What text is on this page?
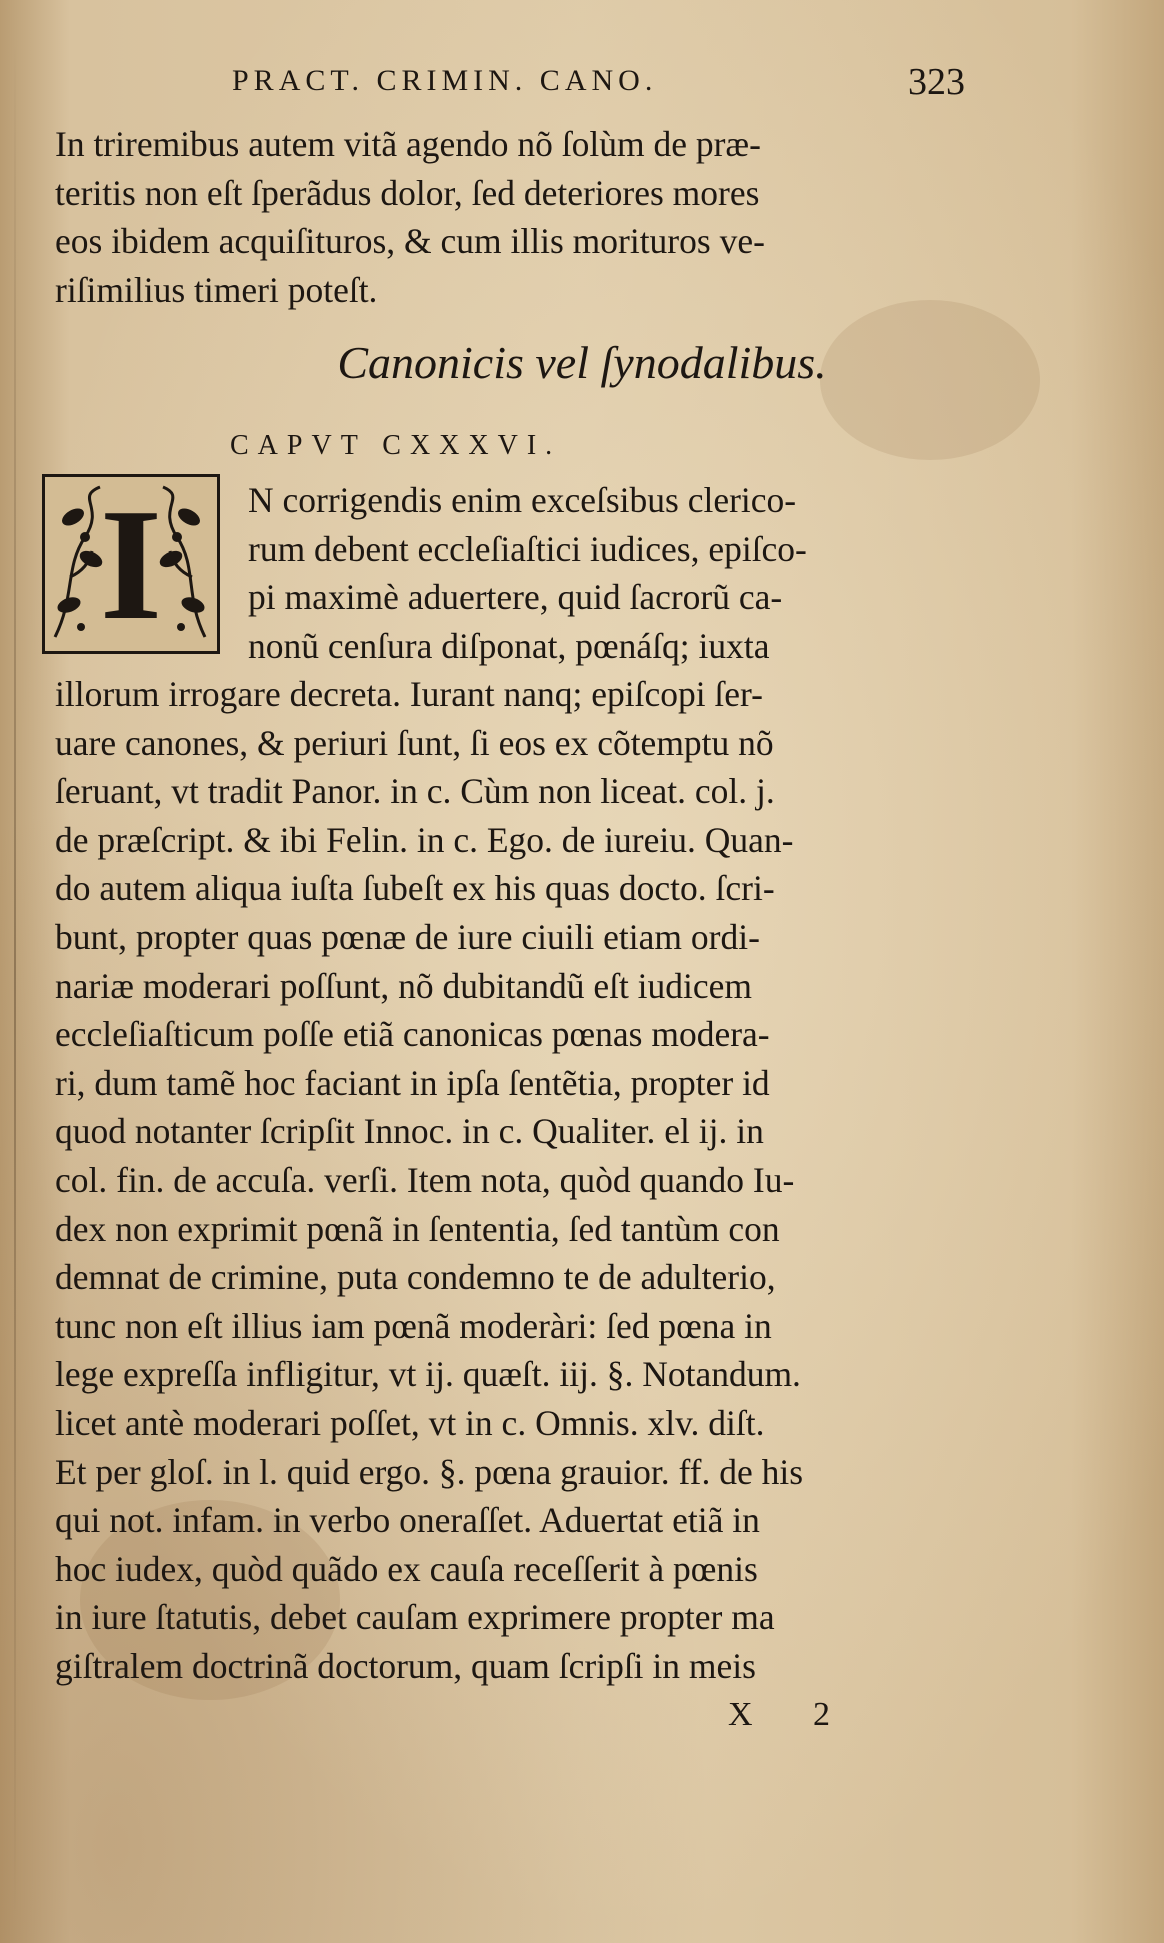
PRACT. CRIMIN. CANO.	323
In triremibus autem vitã agendo nõ ſolùm de præ-
teritis non eſt ſperãdus dolor, ſed deteriores mores
eos ibidem acquiſituros, & cum illis morituros ve-
riſimilius timeri poteſt.
Canonicis vel ſynodalibus.
CAPVT CXXXVI.
I	N corrigendis enim exceſsibus clerico-
rum debent eccleſiaſtici iudices, epiſco-
pi maximè aduertere, quid ſacrorũ ca-
nonũ cenſura diſponat, pœnáſq; iuxta
illorum irrogare decreta. Iurant nanq; epiſcopi ſer-
uare canones, & periuri ſunt, ſi eos ex cõtemptu nõ
ſeruant, vt tradit Panor. in c. Cùm non liceat. col. j.
de præſcript. & ibi Felin. in c. Ego. de iureiu. Quan-
do autem aliqua iuſta ſubeſt ex his quas docto. ſcri-
bunt, propter quas pœnæ de iure ciuili etiam ordi-
nariæ moderari poſſunt, nõ dubitandũ eſt iudicem
eccleſiaſticum poſſe etiã canonicas pœnas modera-
ri, dum tamẽ hoc faciant in ipſa ſentẽtia, propter id
quod notanter ſcripſit Innoc. in c. Qualiter. el ij. in
col. fin. de accuſa. verſi. Item nota, quòd quando Iu-
dex non exprimit pœnã in ſententia, ſed tantùm con
demnat de crimine, puta condemno te de adulterio,
tunc non eſt illius iam pœnã moderàri: ſed pœna in
lege expreſſa infligitur, vt ij. quæſt. iij. §. Notandum.
licet antè moderari poſſet, vt in c. Omnis. xlv. diſt.
Et per gloſ. in l. quid ergo. §. pœna grauior. ff. de his
qui not. infam. in verbo oneraſſet. Aduertat etiã in
hoc iudex, quòd quãdo ex cauſa receſſerit à pœnis
in iure ſtatutis, debet cauſam exprimere propter ma
giſtralem doctrinã doctorum, quam ſcripſi in meis
X 2
